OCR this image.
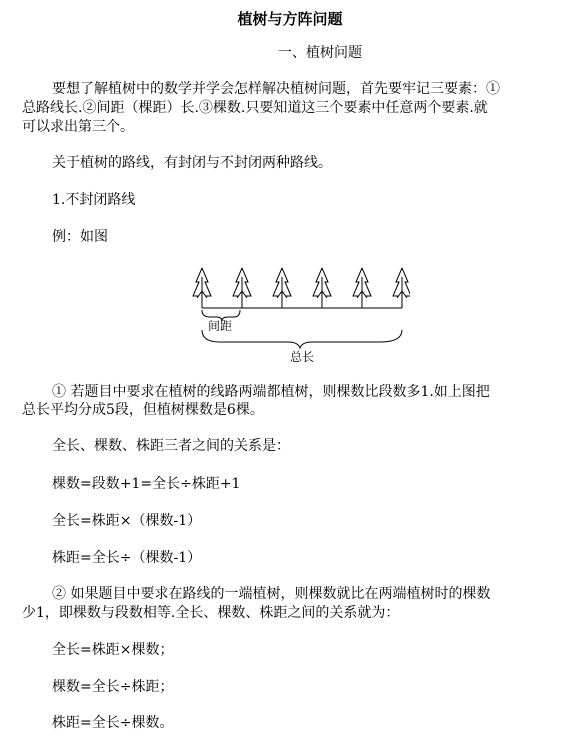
植树与方阵问题
一、植树问题
要想了解植树中的数学并学会怎样解决植树问题，首先要牢记三要素：①
总路线长.②间距（棵距）长.③棵数.只要知道这三个要素中任意两个要素.就
可以求出第三个。
关于植树的路线，有封闭与不封闭两种路线。
1.不封闭路线
例：如图
间距
总长
① 若题目中要求在植树的线路两端都植树，则棵数比段数多1.如上图把
总长平均分成5段，但植树棵数是6棵。
全长、棵数、株距三者之间的关系是：
棵数=段数+1=全长÷株距+1
全长=株距×（棵数-1）
株距=全长÷（棵数-1）
② 如果题目中要求在路线的一端植树，则棵数就比在两端植树时的棵数
少1，即棵数与段数相等.全长、棵数、株距之间的关系就为：
全长=株距×棵数；
棵数=全长÷株距；
株距=全长÷棵数。
